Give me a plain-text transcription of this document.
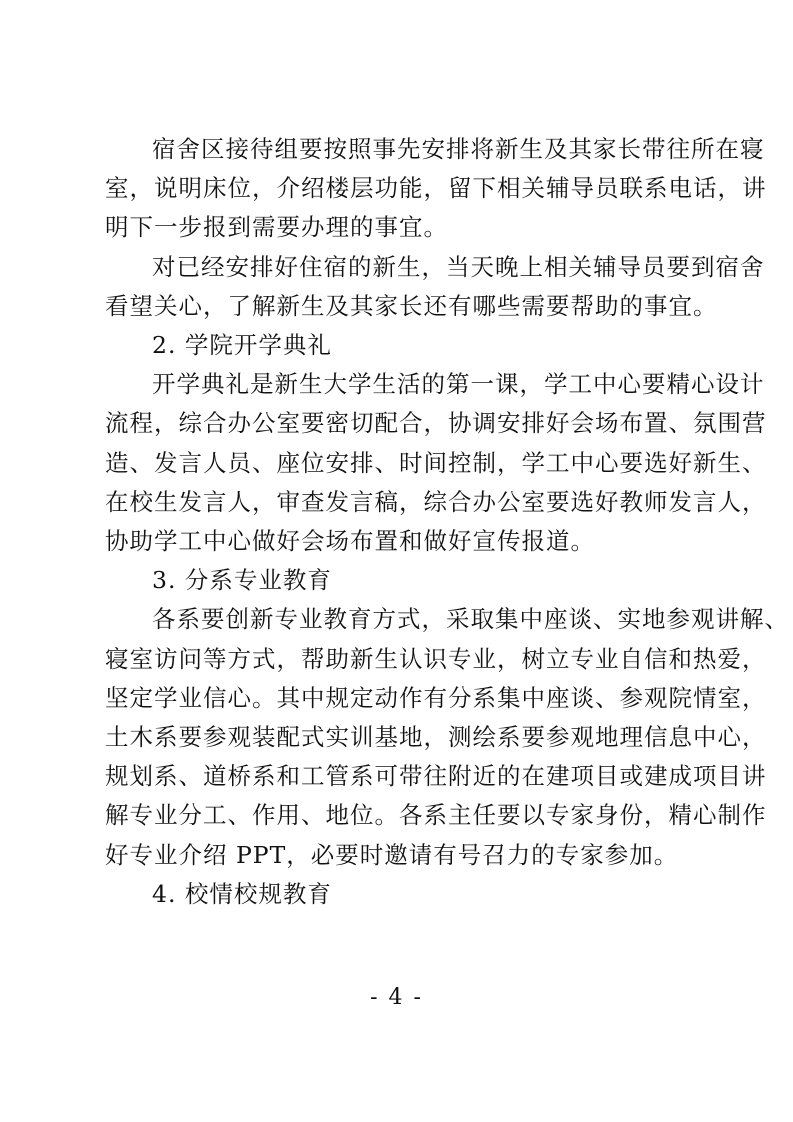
宿舍区接待组要按照事先安排将新生及其家长带往所在寝
室，说明床位，介绍楼层功能，留下相关辅导员联系电话，讲
明下一步报到需要办理的事宜。
对已经安排好住宿的新生，当天晚上相关辅导员要到宿舍
看望关心，了解新生及其家长还有哪些需要帮助的事宜。
2. 学院开学典礼
开学典礼是新生大学生活的第一课，学工中心要精心设计
流程，综合办公室要密切配合，协调安排好会场布置、氛围营
造、发言人员、座位安排、时间控制，学工中心要选好新生、
在校生发言人，审查发言稿，综合办公室要选好教师发言人，
协助学工中心做好会场布置和做好宣传报道。
3. 分系专业教育
各系要创新专业教育方式，采取集中座谈、实地参观讲解、
寝室访问等方式，帮助新生认识专业，树立专业自信和热爱，
坚定学业信心。其中规定动作有分系集中座谈、参观院情室，
土木系要参观装配式实训基地，测绘系要参观地理信息中心，
规划系、道桥系和工管系可带往附近的在建项目或建成项目讲
解专业分工、作用、地位。各系主任要以专家身份，精心制作
好专业介绍 PPT，必要时邀请有号召力的专家参加。
4. 校情校规教育
- 4 -
